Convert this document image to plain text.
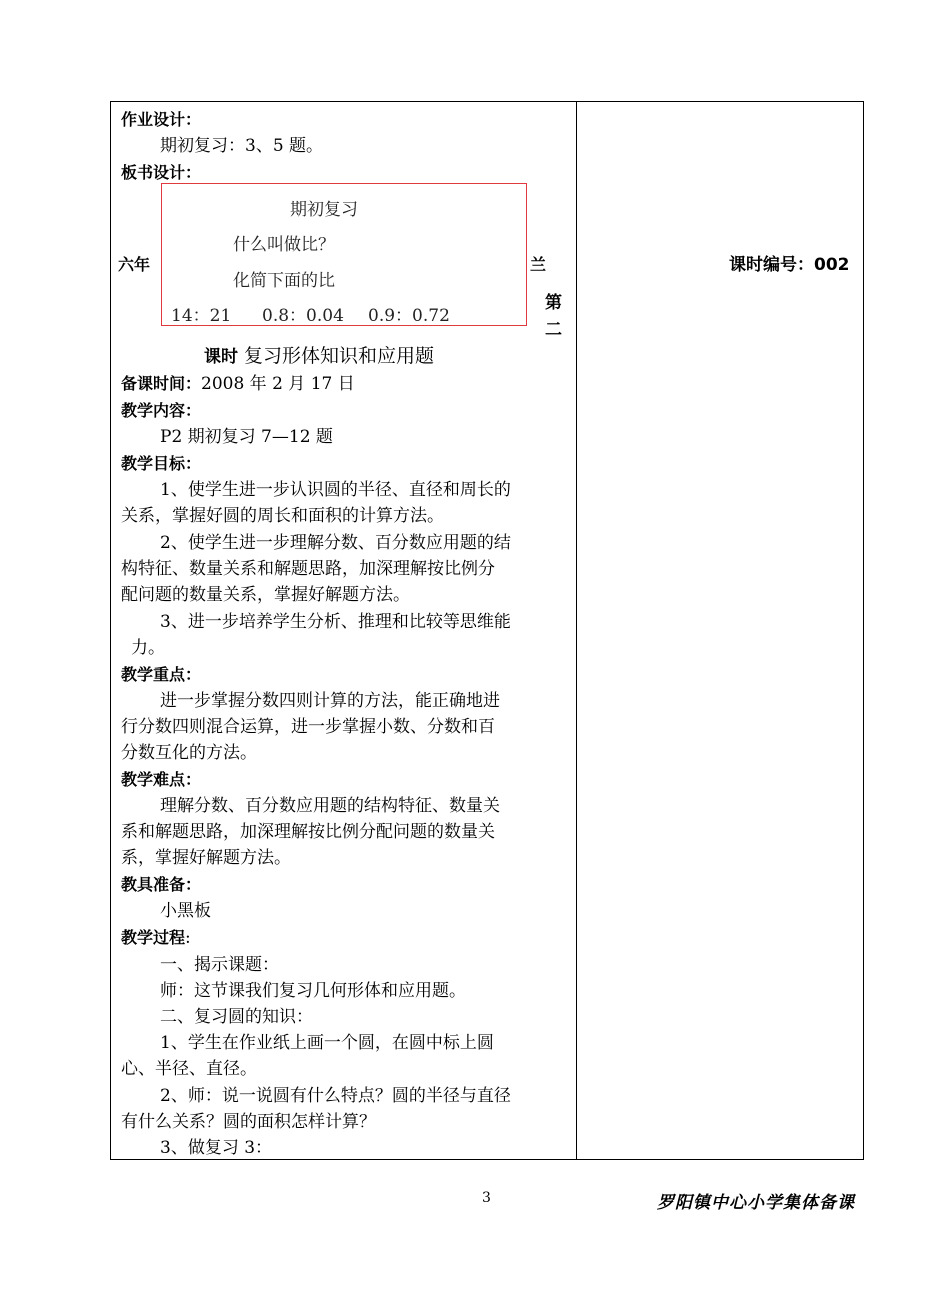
作业设计：
期初复习：3、5 题。
板书设计：
六年	兰	课时编号：002
期初复习
什么叫做比？
化简下面的比
14：21 0.8：0.04 0.9：0.72
第
二
课时 复习形体知识和应用题
备课时间：2008 年 2 月 17 日
教学内容：
P2 期初复习 7—12 题
教学目标：
1、使学生进一步认识圆的半径、直径和周长的
关系，掌握好圆的周长和面积的计算方法。
2、使学生进一步理解分数、百分数应用题的结
构特征、数量关系和解题思路，加深理解按比例分
配问题的数量关系，掌握好解题方法。
3、进一步培养学生分析、推理和比较等思维能
力。
教学重点：
进一步掌握分数四则计算的方法，能正确地进
行分数四则混合运算，进一步掌握小数、分数和百
分数互化的方法。
教学难点：
理解分数、百分数应用题的结构特征、数量关
系和解题思路，加深理解按比例分配问题的数量关
系，掌握好解题方法。
教具准备：
小黑板
教学过程:
一、揭示课题：
师：这节课我们复习几何形体和应用题。
二、复习圆的知识：
1、学生在作业纸上画一个圆，在圆中标上圆
心、半径、直径。
2、师：说一说圆有什么特点？圆的半径与直径
有什么关系？圆的面积怎样计算？
3、做复习 3：
3	罗阳镇中心小学集体备课
